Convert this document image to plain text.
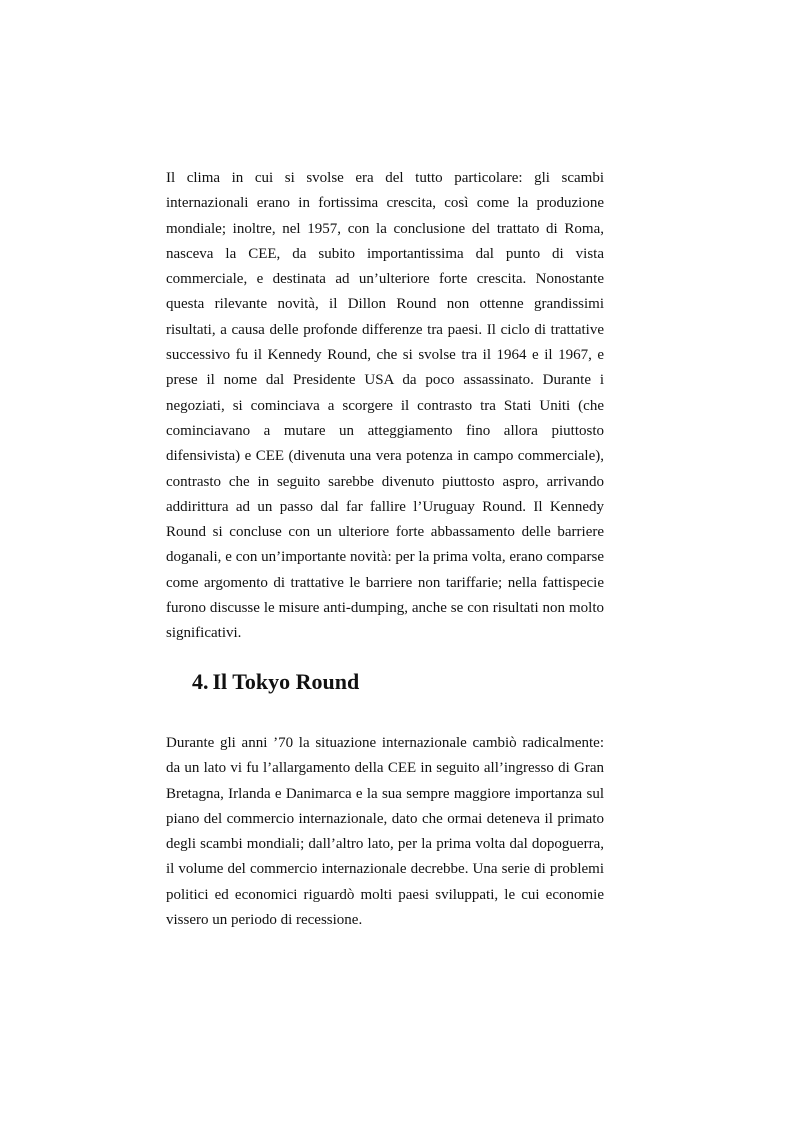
Il clima in cui si svolse era del tutto particolare: gli scambi internazionali erano in fortissima crescita, così come la produzione mondiale; inoltre, nel 1957, con la conclusione del trattato di Roma, nasceva la CEE, da subito importantissima dal punto di vista commerciale, e destinata ad un’ulteriore forte crescita. Nonostante questa rilevante novità, il Dillon Round non ottenne grandissimi risultati, a causa delle profonde differenze tra paesi. Il ciclo di trattative successivo fu il Kennedy Round, che si svolse tra il 1964 e il 1967, e prese il nome dal Presidente USA da poco assassinato. Durante i negoziati, si cominciava a scorgere il contrasto tra Stati Uniti (che cominciavano a mutare un atteggiamento fino allora piuttosto difensivista) e CEE (divenuta una vera potenza in campo commerciale), contrasto che in seguito sarebbe divenuto piuttosto aspro, arrivando addirittura ad un passo dal far fallire l’Uruguay Round. Il Kennedy Round si concluse con un ulteriore forte abbassamento delle barriere doganali, e con un’importante novità: per la prima volta, erano comparse come argomento di trattative le barriere non tariffarie; nella fattispecie furono discusse le misure anti-dumping, anche se con risultati non molto significativi.

4. Il Tokyo Round

Durante gli anni ’70 la situazione internazionale cambiò radicalmente: da un lato vi fu l’allargamento della CEE in seguito all’ingresso di Gran Bretagna, Irlanda e Danimarca e la sua sempre maggiore importanza sul piano del commercio internazionale, dato che ormai deteneva il primato degli scambi mondiali; dall’altro lato, per la prima volta dal dopoguerra, il volume del commercio internazionale decrebbe. Una serie di problemi politici ed economici riguardò molti paesi sviluppati, le cui economie vissero un periodo di recessione.
